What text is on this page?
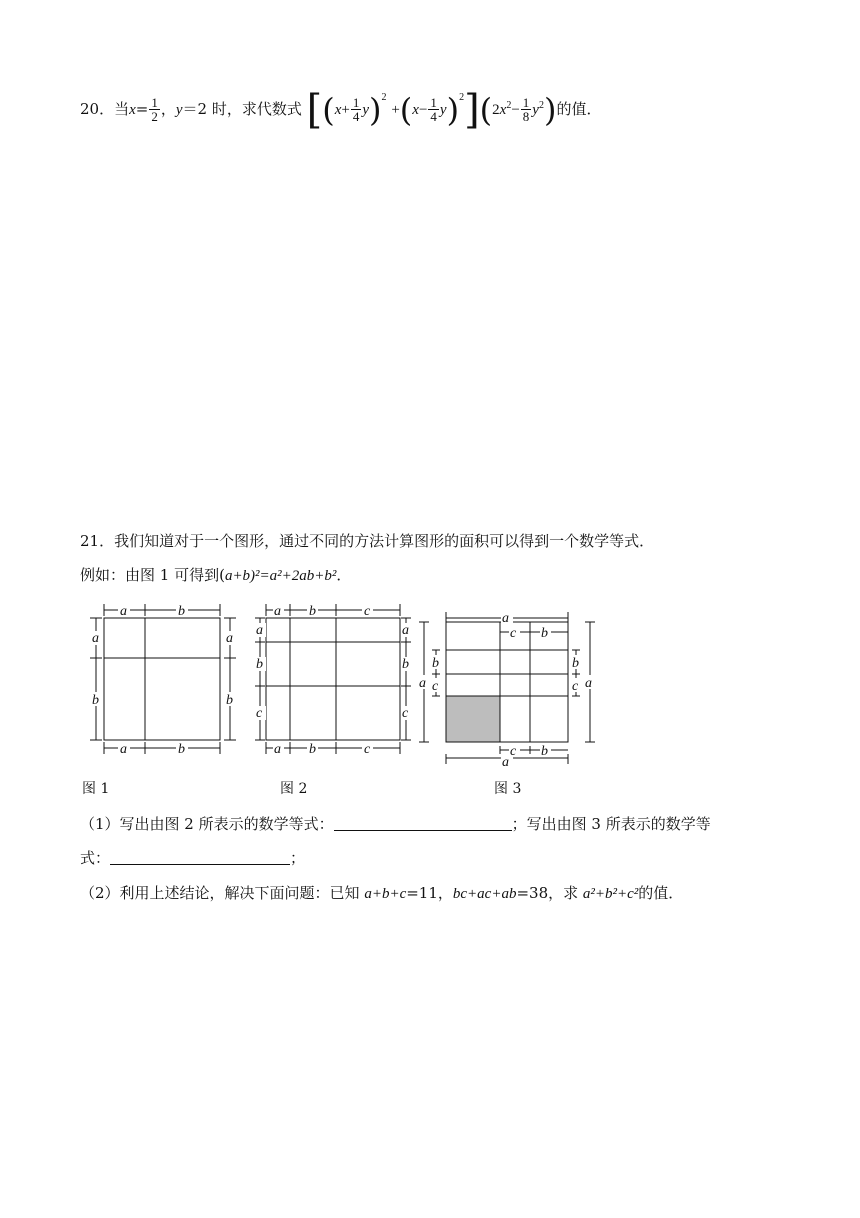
20．当$x= \frac{1}{2}$ ，y＝2 时，求代数式 $[(x+ \frac{1}{4} y)^2 +(x- \frac{1}{4} y)^2](2x^2- \frac{1}{8} y^2)$的值．
21．我们知道对于一个图形，通过不同的方法计算图形的面积可以得到一个数学等式．
例如：由图 1 可得到(a+b)²=a²+2ab+b²．
a	b
a	b
a
b
a
b
a b	c
a b	c
a
b
c
a
b
c
a
c b
c b
a
a
b
c
b
c a
图 1	图 2	图 3
（1）写出由图 2 所表示的数学等式：	；写出由图 3 所表示的数学等
式：	；
（2）利用上述结论，解决下面问题：已知 a+b+c=11，bc+ac+ab=38，求 a²+b²+c²的值．
